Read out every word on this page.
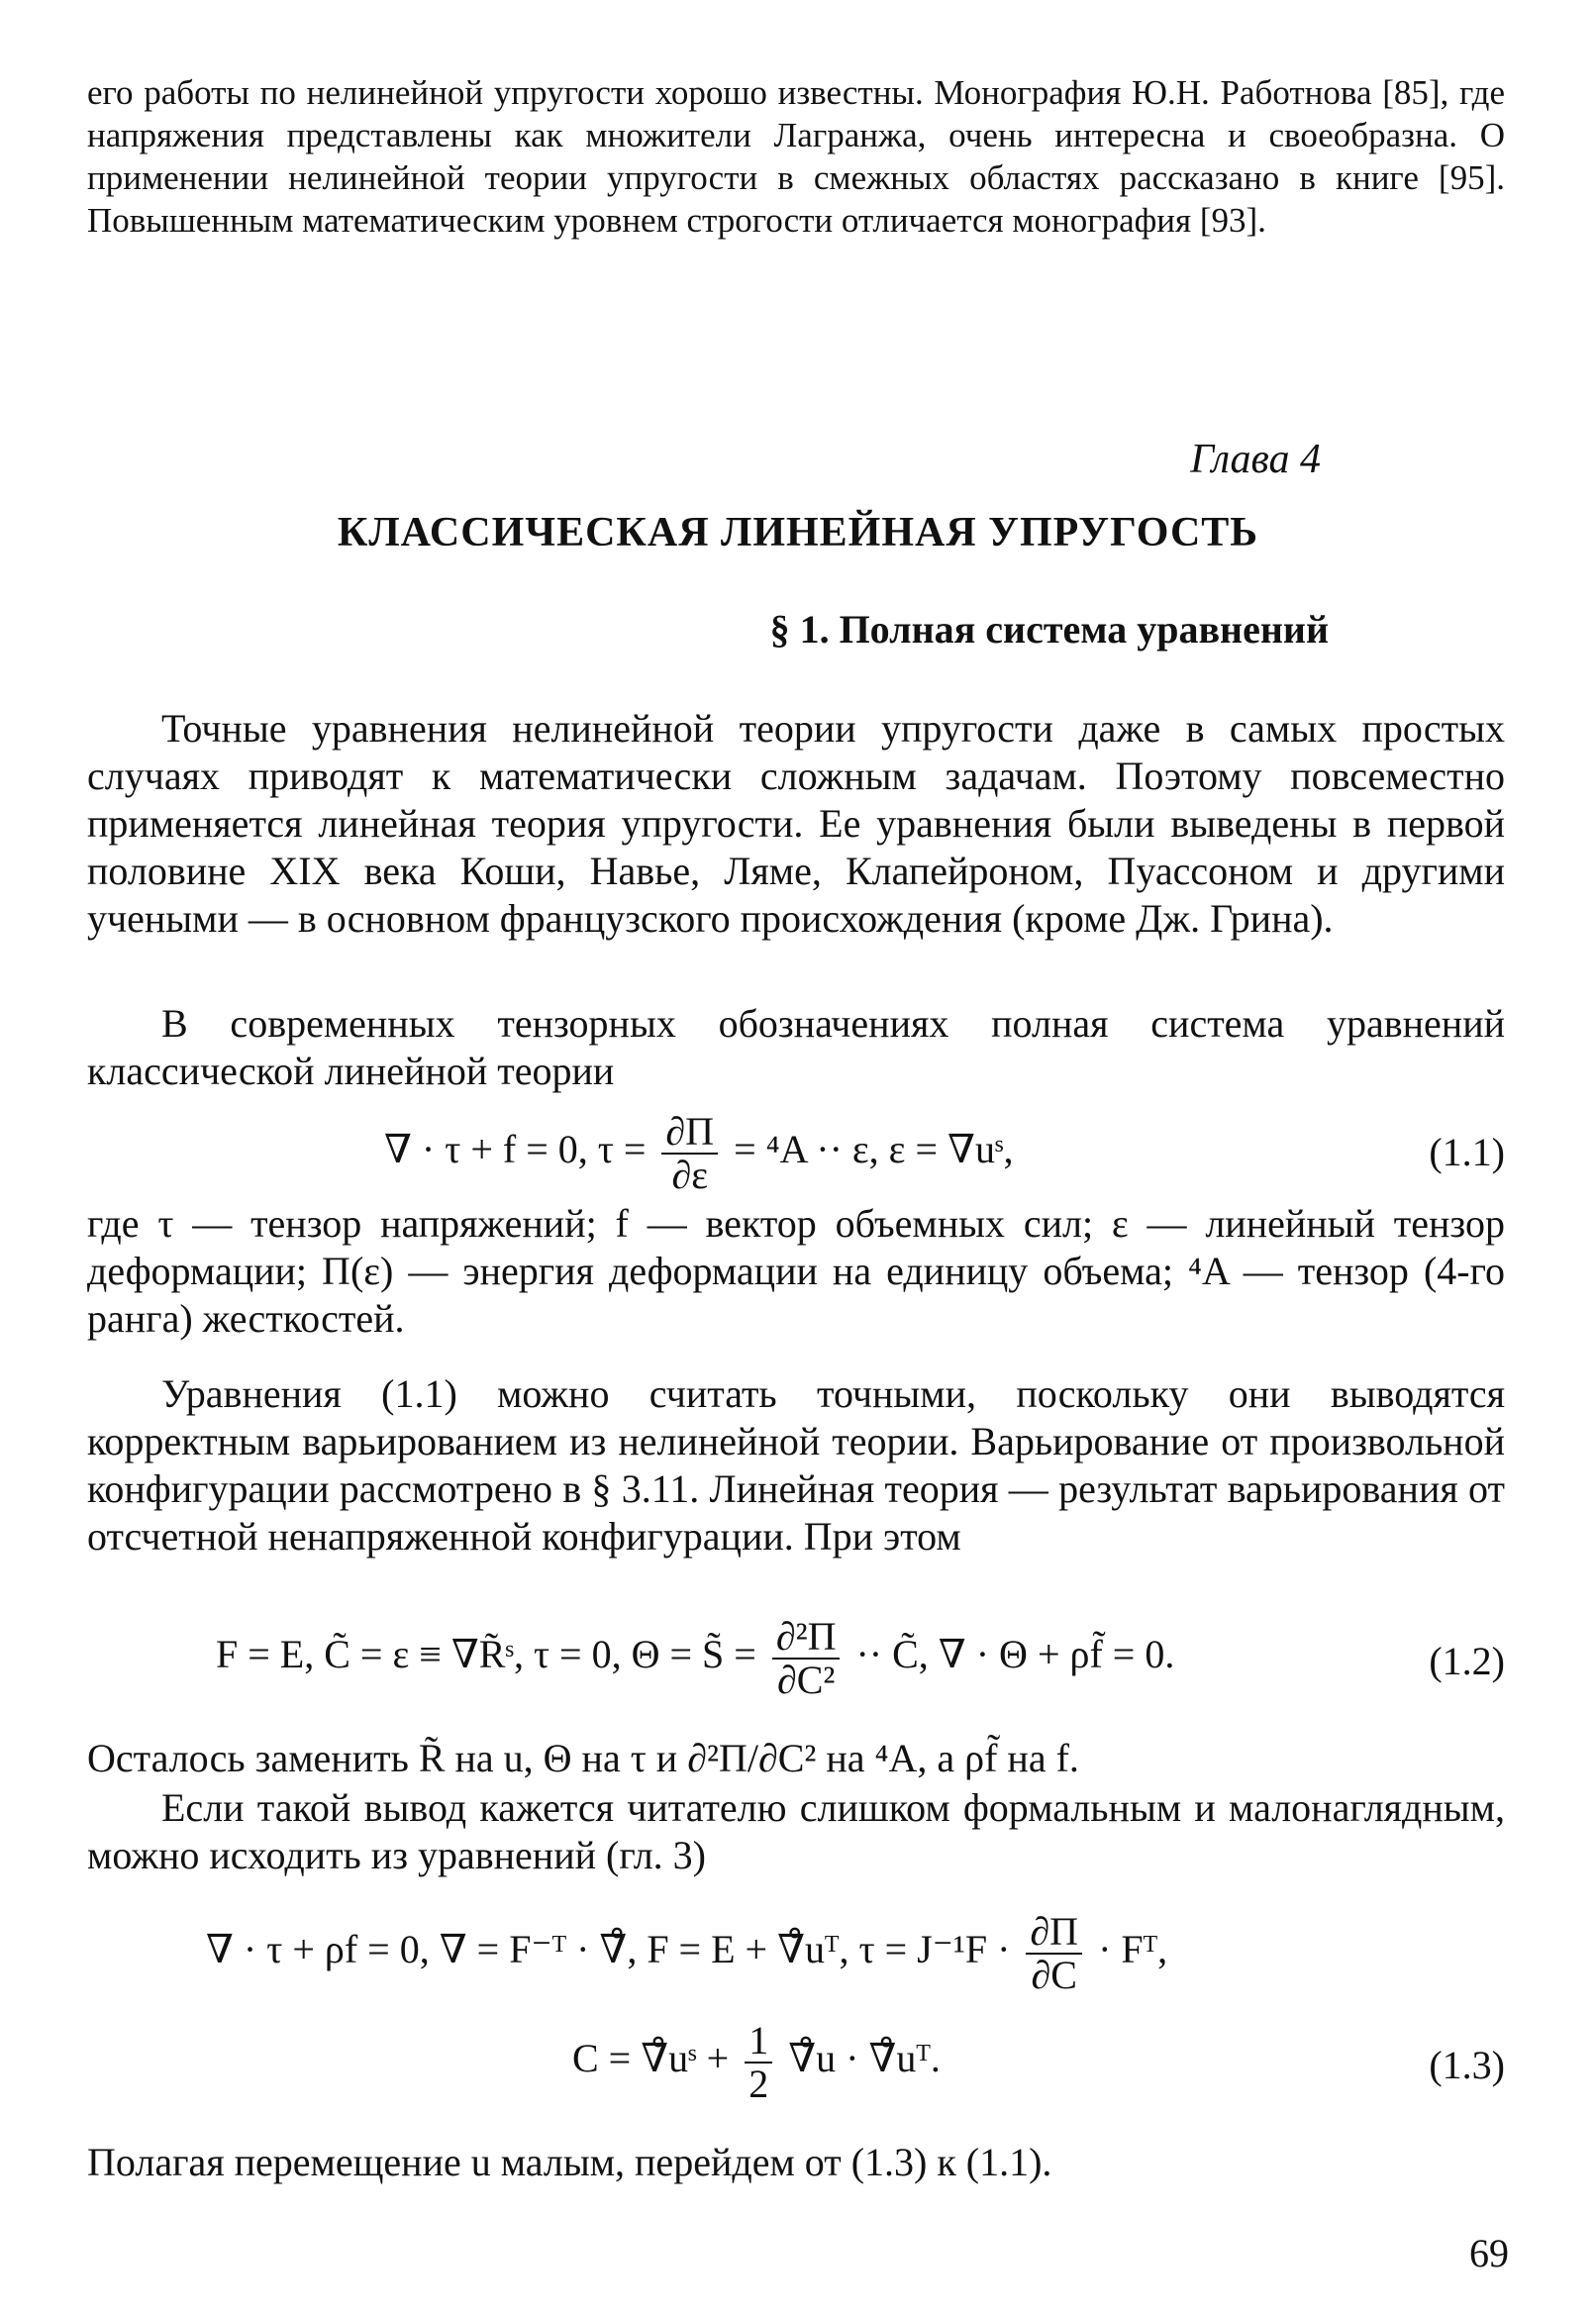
его работы по нелинейной упругости хорошо известны. Монография Ю.Н. Работнова [85], где напряжения представлены как множители Лагранжа, очень интересна и своеобразна. О применении нелинейной теории упругости в смежных областях рассказано в книге [95]. Повышенным математическим уровнем строгости отличается монография [93].
Глава 4
КЛАССИЧЕСКАЯ ЛИНЕЙНАЯ УПРУГОСТЬ
§ 1. Полная система уравнений
Точные уравнения нелинейной теории упругости даже в самых простых случаях приводят к математически сложным задачам. Поэтому повсеместно применяется линейная теория упругости. Ее уравнения были выведены в первой половине XIX века Коши, Навье, Ляме, Клапейроном, Пуассоном и другими учеными — в основном французского происхождения (кроме Дж. Грина).
В современных тензорных обозначениях полная система уравнений классической линейной теории
∇ · τ + f = 0, $\tau = \frac{\partial П}{\partial\varepsilon} = ^4A \cdot\cdot \varepsilon$, ε = ∇uˢ,	(1.1)
где τ — тензор напряжений; f — вектор объемных сил; ε — линейный тензор деформации; П(ε) — энергия деформации на единицу объема; ⁴A — тензор (4-го ранга) жесткостей.
Уравнения (1.1) можно считать точными, поскольку они выводятся корректным варьированием из нелинейной теории. Варьирование от произвольной конфигурации рассмотрено в § 3.11. Линейная теория — результат варьирования от отсчетной ненапряженной конфигурации. При этом
F = E, C̃ = ε ≡ ∇R̃ˢ, τ = 0, Θ = S̃ = $\frac{\text{∂²П}}{\text{∂C²}}$ ·· C̃, ∇ · Θ + ρf̃ = 0.	(1.2)
Осталось заменить R̃ на u, Θ на τ и ∂²П/∂C² на ⁴A, а ρf̃ на f.
Если такой вывод кажется читателю слишком формальным и малонаглядным, можно исходить из уравнений (гл. 3)
∇ · τ + ρf = 0, ∇ = F⁻ᵀ · ∇̊, F = E + ∇̊uᵀ, $\tau = J^{-1}F \cdot \frac{\partial П}{\partial C}$ · Fᵀ,
C = ∇̊uˢ + $\frac{1}{2}$ ∇̊u · ∇̊uᵀ.	(1.3)
Полагая перемещение u малым, перейдем от (1.3) к (1.1).
69
